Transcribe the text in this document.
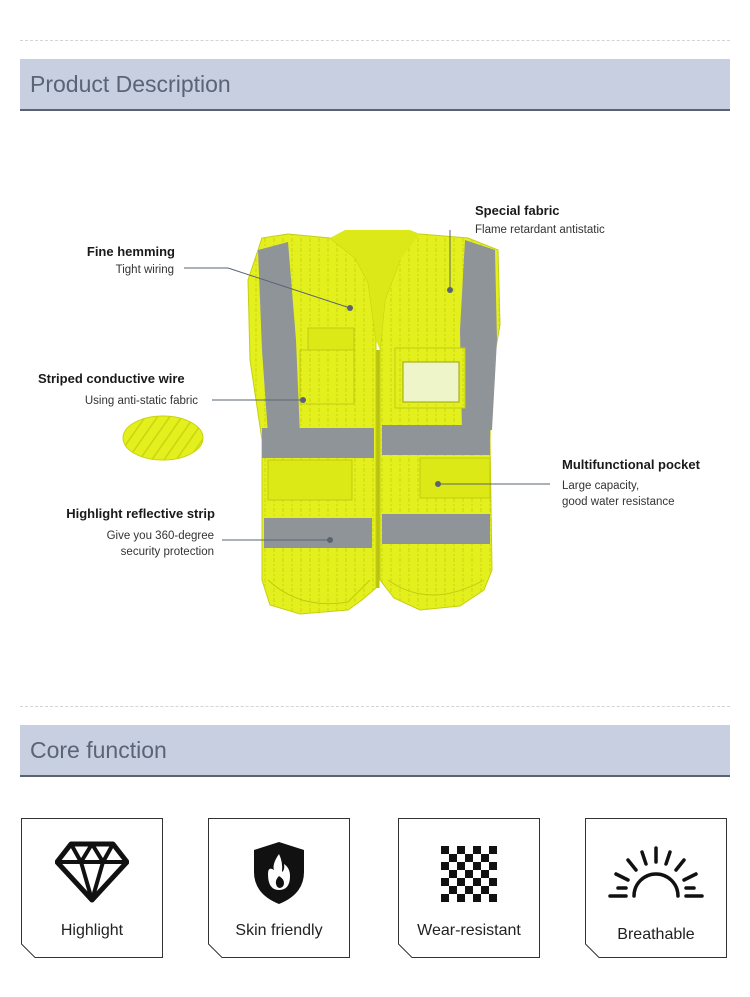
Product Description
Special fabric
Flame retardant antistatic
Fine hemming
Tight wiring
Striped conductive wire
Using anti-static fabric
Multifunctional pocket
Large capacity,
good water resistance
Highlight reflective strip
Give you 360-degree
security protection
Core function
Highlight	Skin friendly	Wear-resistant	Breathable
